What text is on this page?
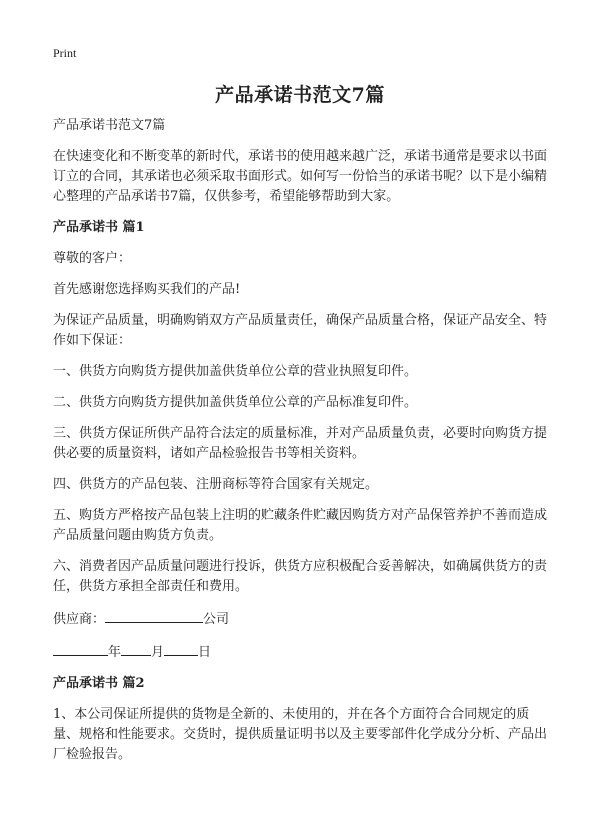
Print
产品承诺书范文7篇
产品承诺书范文7篇
在快速变化和不断变革的新时代，承诺书的使用越来越广泛，承诺书通常是要求以书面订立的合同，其承诺也必须采取书面形式。如何写一份恰当的承诺书呢？以下是小编精心整理的产品承诺书7篇，仅供参考，希望能够帮助到大家。
产品承诺书 篇1
尊敬的客户：
首先感谢您选择购买我们的产品!
为保证产品质量，明确购销双方产品质量责任，确保产品质量合格，保证产品安全、特作如下保证：
一、供货方向购货方提供加盖供货单位公章的营业执照复印件。
二、供货方向购货方提供加盖供货单位公章的产品标准复印件。
三、供货方保证所供产品符合法定的质量标准，并对产品质量负责，必要时向购货方提供必要的质量资料，诸如产品检验报告书等相关资料。
四、供货方的产品包装、注册商标等符合国家有关规定。
五、购货方严格按产品包装上注明的贮藏条件贮藏因购货方对产品保管养护不善而造成产品质量问题由购货方负责。
六、消费者因产品质量问题进行投诉，供货方应积极配合妥善解决，如确属供货方的责任，供货方承担全部责任和费用。
供应商：	公司
年 月	日
产品承诺书 篇2
1、本公司保证所提供的货物是全新的、未使用的，并在各个方面符合合同规定的质量、规格和性能要求。交货时，提供质量证明书以及主要零部件化学成分分析、产品出厂检验报告。
